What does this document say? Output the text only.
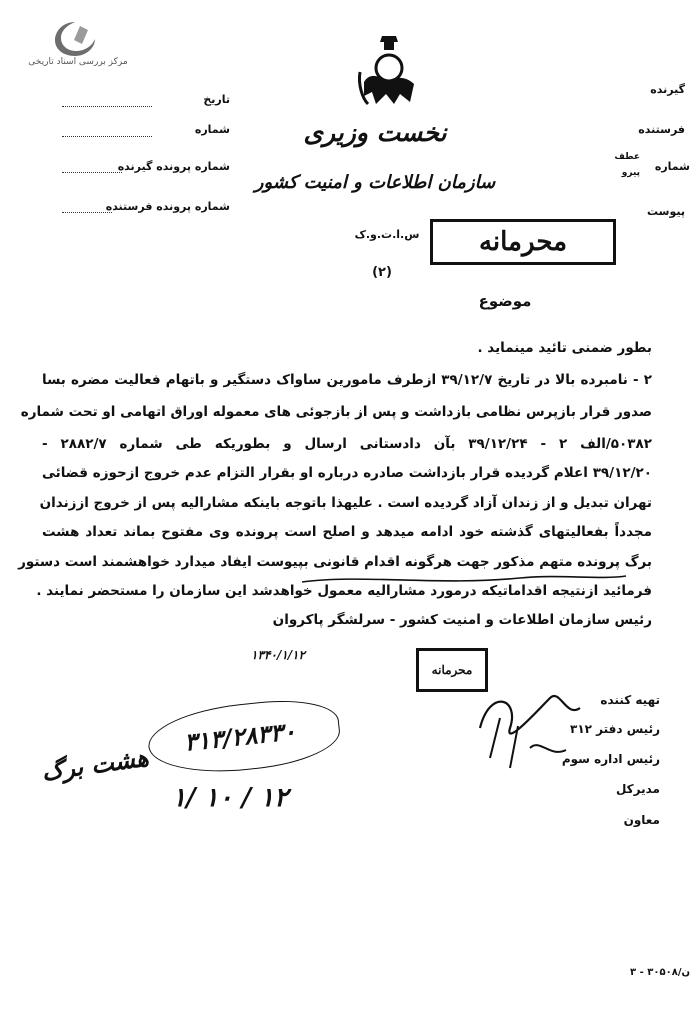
مرکز بررسی اسناد تاریخی
نخست وزیری
سازمان اطلاعات و امنیت کشور
تاریخ
شماره
شماره پرونده گیرنده
شماره پرونده فرستنده
گیرنده
فرستنده
شماره
عطف
پیرو
پیوست
محرمانه
س.ا.ت.و.ک
(۲)
موضوع
بطور ضمنی تائید مینماید .
۲ - نامبرده بالا در تاریخ ۳۹/۱۲/۷ ازطرف مامورین ساواک دستگیر و باتهام فعالیت مضره بسا
صدور قرار بازپرس نظامی بازداشت و پس از بازجوئی های معموله اوراق اتهامی او تحت شماره
۵۰۳۸۲/الف ۲ - ۳۹/۱۲/۲۴ بآن دادستانی ارسال و بطوریکه طی شماره ۲۸۸۲/۷ -
۳۹/۱۲/۲۰ اعلام گردیده قرار بازداشت صادره درباره او بقرار التزام عدم خروج ازحوزه قضائی
تهران تبدیل و از زندان آزاد گردیده است . علیهذا باتوجه باینکه مشارالیه پس از خروج اززندان
مجدداً بفعالیتهای گذشته خود ادامه میدهد و اصلح است پرونده وی مفتوح بماند تعداد هشت
برگ پرونده متهم مذکور جهت هرگونه اقدام قانونی بپیوست ایفاد میدارد خواهشمند است دستور
فرمائید ازنتیجه اقداماتیکه درمورد مشارالیه معمول خواهدشد این سازمان را مستحضر نمایند .
رئیس سازمان اطلاعات و امنیت کشور - سرلشگر پاکروان
محرمانه
۱۳۴۰/۱/۱۲
تهیه کننده
رئیس دفتر ۳۱۲
رئیس اداره سوم
مدیرکل
معاون
۳۱۳/۲۸۳۳۰
هشت برگ
۱/ ۱۰ / ۱۲
ن/۳۰۵۰۸ - ۳
